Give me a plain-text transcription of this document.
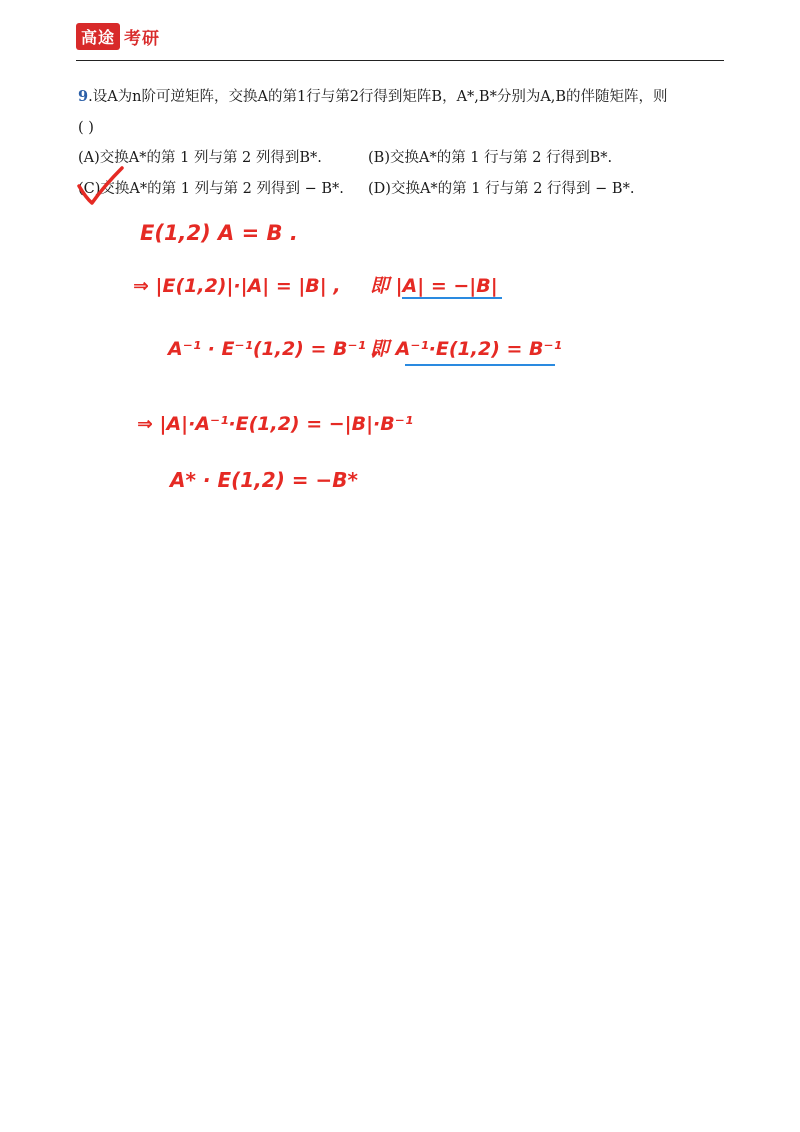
高途 考研
9.设A为n阶可逆矩阵，交换A的第1行与第2行得到矩阵B，A*,B*分别为A,B的伴随矩阵，则
( )
(A)交换A*的第 1 列与第 2 列得到B*.	(B)交换A*的第 1 行与第 2 行得到B*.
(C)交换A*的第 1 列与第 2 列得到 − B*. (D)交换A*的第 1 行与第 2 行得到 − B*.
E(1,2) A = B .
⇒ |E(1,2)|·|A| = |B| , 即 |A| = −|B|
A⁻¹ · E⁻¹(1,2) = B⁻¹ ,
即 A⁻¹·E(1,2) = B⁻¹
⇒ |A|·A⁻¹·E(1,2) = −|B|·B⁻¹
A* · E(1,2) = −B*
